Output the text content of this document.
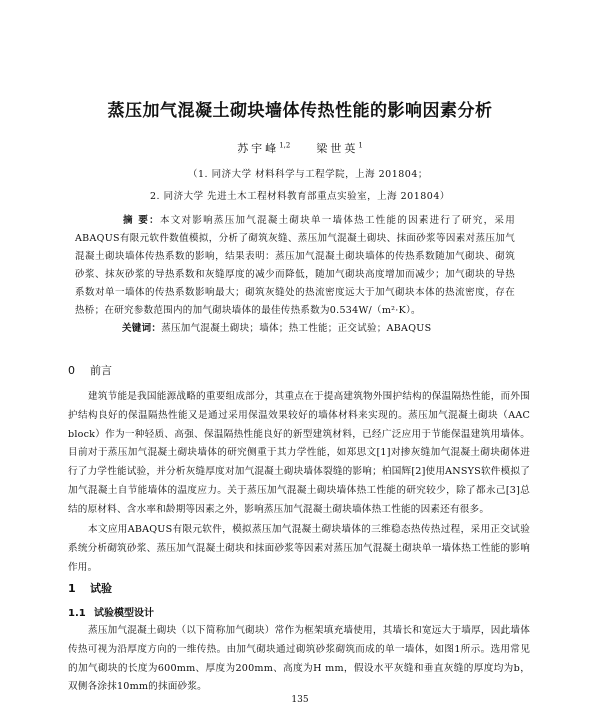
蒸压加气混凝土砌块墙体传热性能的影响因素分析
苏宇峰$^{1,2}$ 梁世英$^1$
（1. 同济大学 材料科学与工程学院，上海 201804；
2. 同济大学 先进土木工程材料教育部重点实验室，上海 201804）

摘 要：本文对影响蒸压加气混凝土砌块单一墙体热工性能的因素进行了研究，采用ABAQUS有限元软件数值模拟，分析了砌筑灰缝、蒸压加气混凝土砌块、抹面砂浆等因素对蒸压加气混凝土砌块墙体传热系数的影响，结果表明：蒸压加气混凝土砌块墙体的传热系数随加气砌块、砌筑砂浆、抹灰砂浆的导热系数和灰缝厚度的减少而降低，随加气砌块高度增加而减少；加气砌块的导热系数对单一墙体的传热系数影响最大；砌筑灰缝处的热流密度远大于加气砌块本体的热流密度，存在热桥；在研究参数范围内的加气砌块墙体的最佳传热系数为0.534W/（m²·K）。

关键词：蒸压加气混凝土砌块；墙体；热工性能；正交试验；ABAQUS
0 前言

建筑节能是我国能源战略的重要组成部分，其重点在于提高建筑物外围护结构的保温隔热性能，而外围护结构良好的保温隔热性能又是通过采用保温效果较好的墙体材料来实现的。蒸压加气混凝土砌块（AAC block）作为一种轻质、高强、保温隔热性能良好的新型建筑材料，已经广泛应用于节能保温建筑用墙体。目前对于蒸压加气混凝土砌块墙体的研究侧重于其力学性能，如郑思文[1]对掺灰缝加气混凝土砌块砌体进行了力学性能试验，并分析灰缝厚度对加气混凝土砌块墙体裂缝的影响；柏国辉[2]使用ANSYS软件模拟了加气混凝土自节能墙体的温度应力。关于蒸压加气混凝土砌块墙体热工性能的研究较少，除了都永己[3]总结的原材料、含水率和龄期等因素之外，影响蒸压加气混凝土砌块墙体热工性能的因素还有很多。

本文应用ABAQUS有限元软件，模拟蒸压加气混凝土砌块墙体的三维稳态热传热过程，采用正交试验系统分析砌筑砂浆、蒸压加气混凝土砌块和抹面砂浆等因素对蒸压加气混凝土砌块单一墙体热工性能的影响作用。

1 试验
1.1 试验模型设计

蒸压加气混凝土砌块（以下简称加气砌块）常作为框架填充墙使用，其墙长和宽远大于墙厚，因此墙体传热可视为沿厚度方向的一维传热。由加气砌块通过砌筑砂浆砌筑而成的单一墙体，如图1所示。选用常见的加气砌块的长度为600mm、厚度为200mm、高度为H mm，假设水平灰缝和垂直灰缝的厚度均为b，双侧各涂抹10mm的抹面砂浆。

135
